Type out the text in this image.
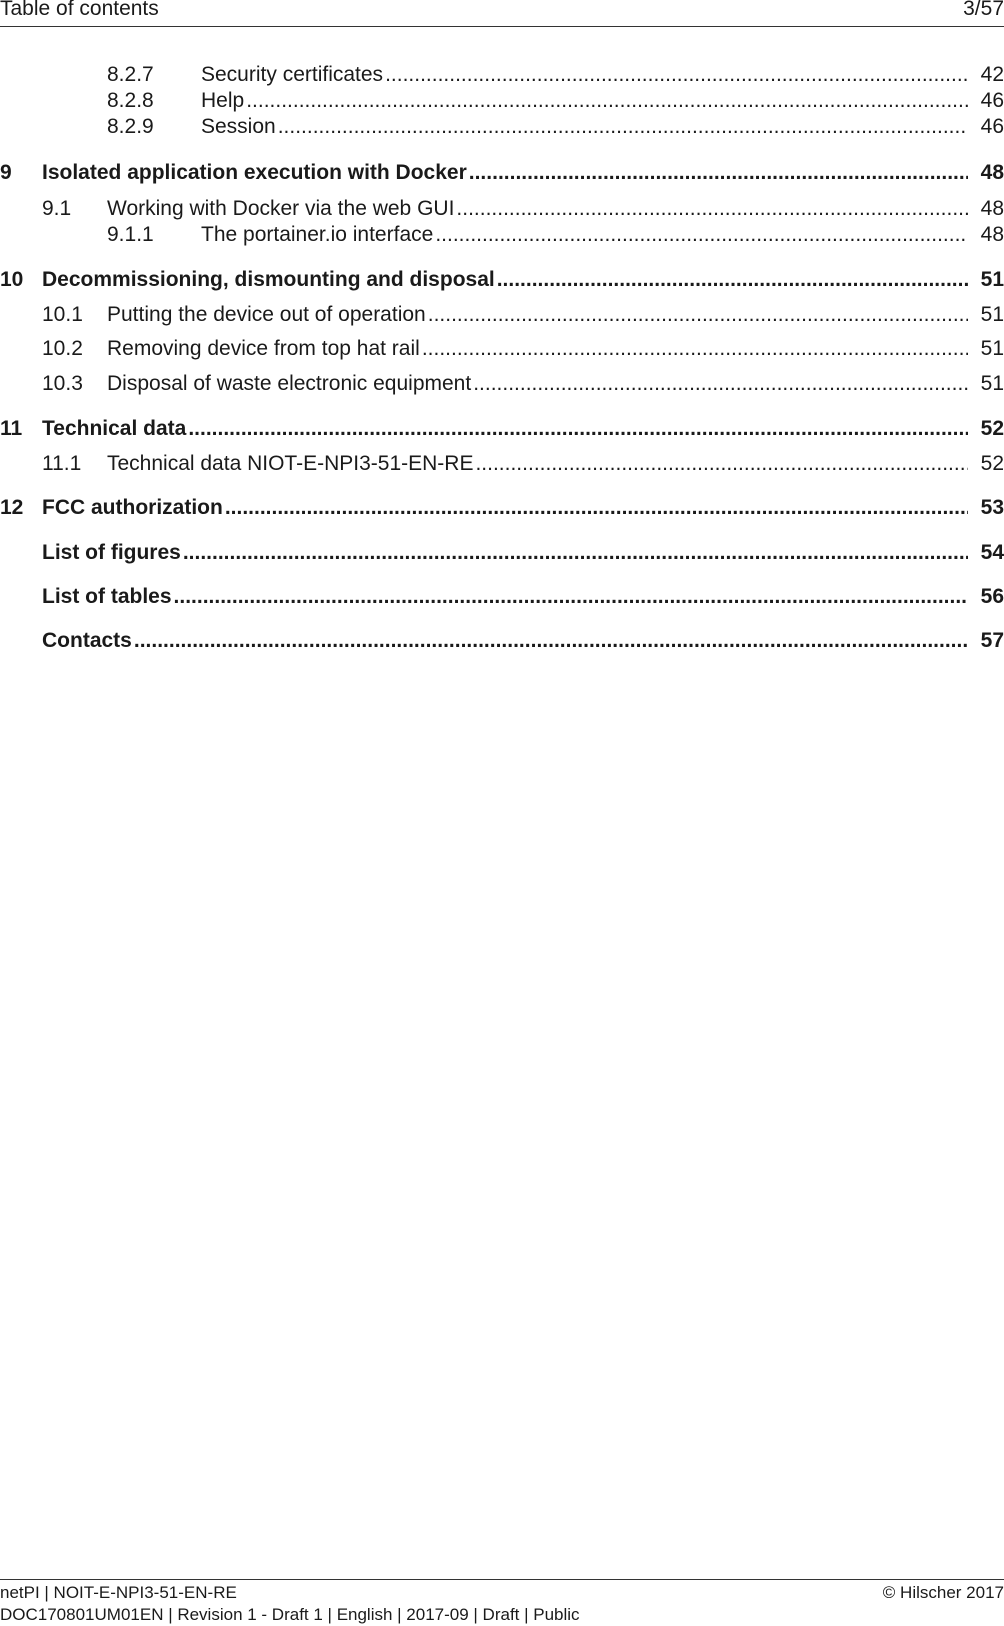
Table of contents	3/57
8.2.7 Security certificates .....	42
8.2.8 Help .....	46
8.2.9 Session .....	46
9 Isolated application execution with Docker .....	48
9.1 Working with Docker via the web GUI .....	48
9.1.1 The portainer.io interface .....	48
10 Decommissioning, dismounting and disposal .....	51
10.1 Putting the device out of operation .....	51
10.2 Removing device from top hat rail .....	51
10.3 Disposal of waste electronic equipment .....	51
11 Technical data .....	52
11.1 Technical data NIOT-E-NPI3-51-EN-RE .....	52
12 FCC authorization .....	53
List of figures .....	54
List of tables .....	56
Contacts .....	57
netPI | NOIT-E-NPI3-51-EN-RE	© Hilscher 2017
DOC170801UM01EN | Revision 1 - Draft 1 | English | 2017-09 | Draft | Public
